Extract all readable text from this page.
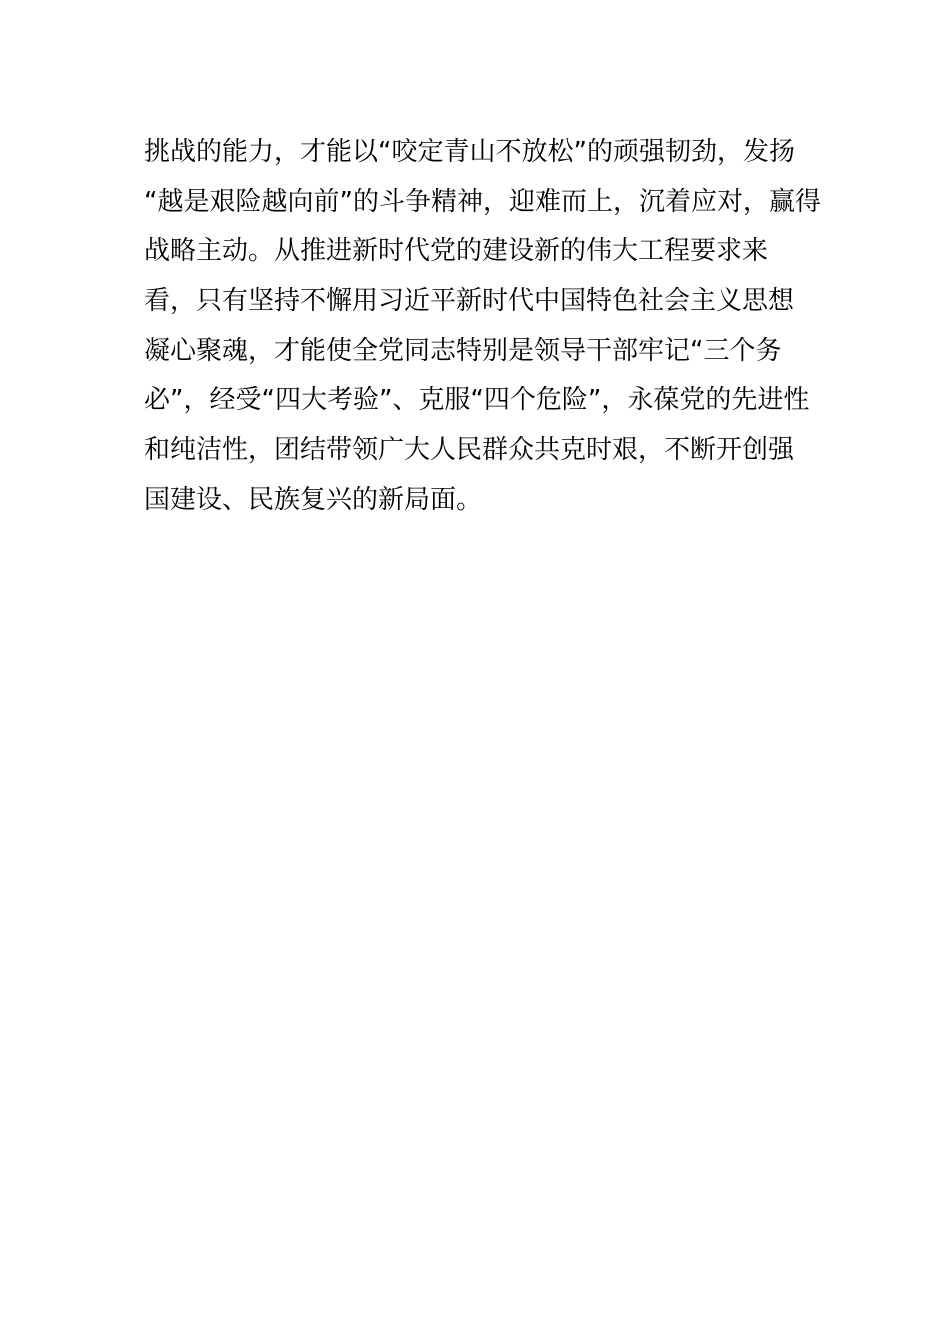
挑战的能力，才能以“咬定青山不放松”的顽强韧劲，发扬
“越是艰险越向前”的斗争精神，迎难而上，沉着应对，赢得
战略主动。从推进新时代党的建设新的伟大工程要求来
看，只有坚持不懈用习近平新时代中国特色社会主义思想
凝心聚魂，才能使全党同志特别是领导干部牢记“三个务
必”，经受“四大考验”、克服“四个危险”，永葆党的先进性
和纯洁性，团结带领广大人民群众共克时艰，不断开创强
国建设、民族复兴的新局面。
